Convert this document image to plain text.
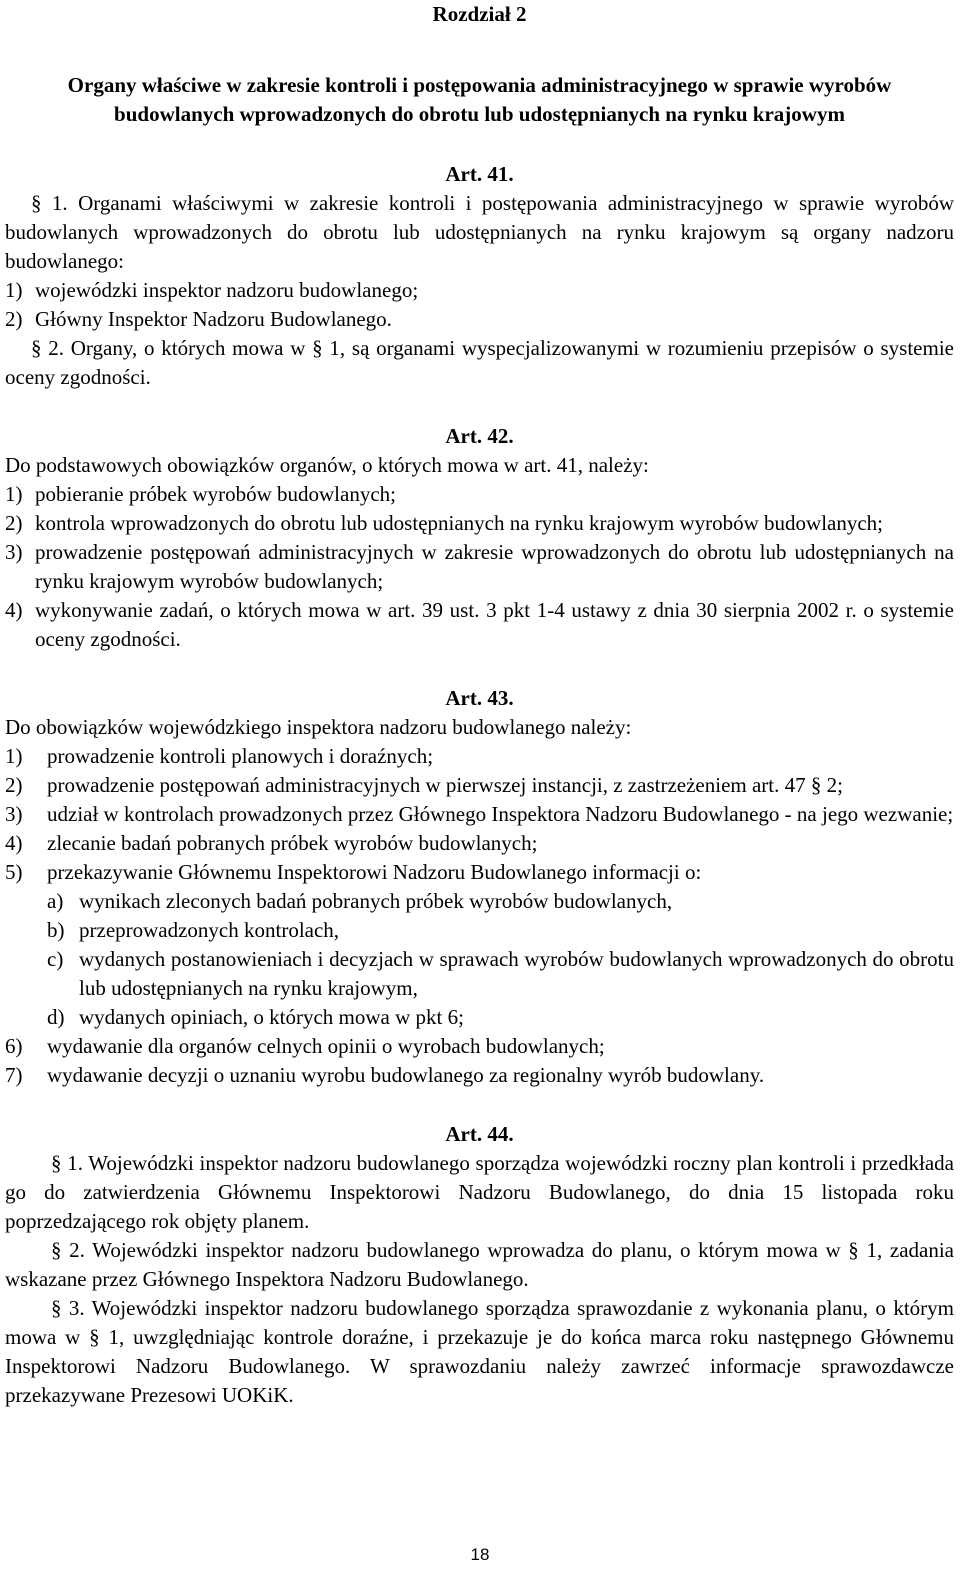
Rozdział 2

Organy właściwe w zakresie kontroli i postępowania administracyjnego w sprawie wyrobów budowlanych wprowadzonych do obrotu lub udostępnianych na rynku krajowym

Art. 41.

§ 1. Organami właściwymi w zakresie kontroli i postępowania administracyjnego w sprawie wyrobów budowlanych wprowadzonych do obrotu lub udostępnianych na rynku krajowym są organy nadzoru budowlanego:

1) wojewódzki inspektor nadzoru budowlanego;
2) Główny Inspektor Nadzoru Budowlanego.

§ 2. Organy, o których mowa w § 1, są organami wyspecjalizowanymi w rozumieniu przepisów o systemie oceny zgodności.

Art. 42.

Do podstawowych obowiązków organów, o których mowa w art. 41, należy:

1) pobieranie próbek wyrobów budowlanych;
2) kontrola wprowadzonych do obrotu lub udostępnianych na rynku krajowym wyrobów budowlanych;
3) prowadzenie postępowań administracyjnych w zakresie wprowadzonych do obrotu lub udostępnianych na rynku krajowym wyrobów budowlanych;
4) wykonywanie zadań, o których mowa w art. 39 ust. 3 pkt 1-4 ustawy z dnia 30 sierpnia 2002 r. o systemie oceny zgodności.

Art. 43.

Do obowiązków wojewódzkiego inspektora nadzoru budowlanego należy:

1)	prowadzenie kontroli planowych i doraźnych;
2)	prowadzenie postępowań administracyjnych w pierwszej instancji, z zastrzeżeniem art. 47 § 2;
3)	udział w kontrolach prowadzonych przez Głównego Inspektora Nadzoru Budowlanego - na jego wezwanie;
4)	zlecanie badań pobranych próbek wyrobów budowlanych;
5)	przekazywanie Głównemu Inspektorowi Nadzoru Budowlanego informacji o:
a) wynikach zleconych badań pobranych próbek wyrobów budowlanych,
b) przeprowadzonych kontrolach,
c) wydanych postanowieniach i decyzjach w sprawach wyrobów budowlanych wprowadzonych do obrotu lub udostępnianych na rynku krajowym,
d) wydanych opiniach, o których mowa w pkt 6;
6)	wydawanie dla organów celnych opinii o wyrobach budowlanych;
7)	wydawanie decyzji o uznaniu wyrobu budowlanego za regionalny wyrób budowlany.

Art. 44.

§ 1. Wojewódzki inspektor nadzoru budowlanego sporządza wojewódzki roczny plan kontroli i przedkłada go do zatwierdzenia Głównemu Inspektorowi Nadzoru Budowlanego, do dnia 15 listopada roku poprzedzającego rok objęty planem.

§ 2. Wojewódzki inspektor nadzoru budowlanego wprowadza do planu, o którym mowa w § 1, zadania wskazane przez Głównego Inspektora Nadzoru Budowlanego.

§ 3. Wojewódzki inspektor nadzoru budowlanego sporządza sprawozdanie z wykonania planu, o którym mowa w § 1, uwzględniając kontrole doraźne, i przekazuje je do końca marca roku następnego Głównemu Inspektorowi Nadzoru Budowlanego. W sprawozdaniu należy zawrzeć informacje sprawozdawcze przekazywane Prezesowi UOKiK.

18
